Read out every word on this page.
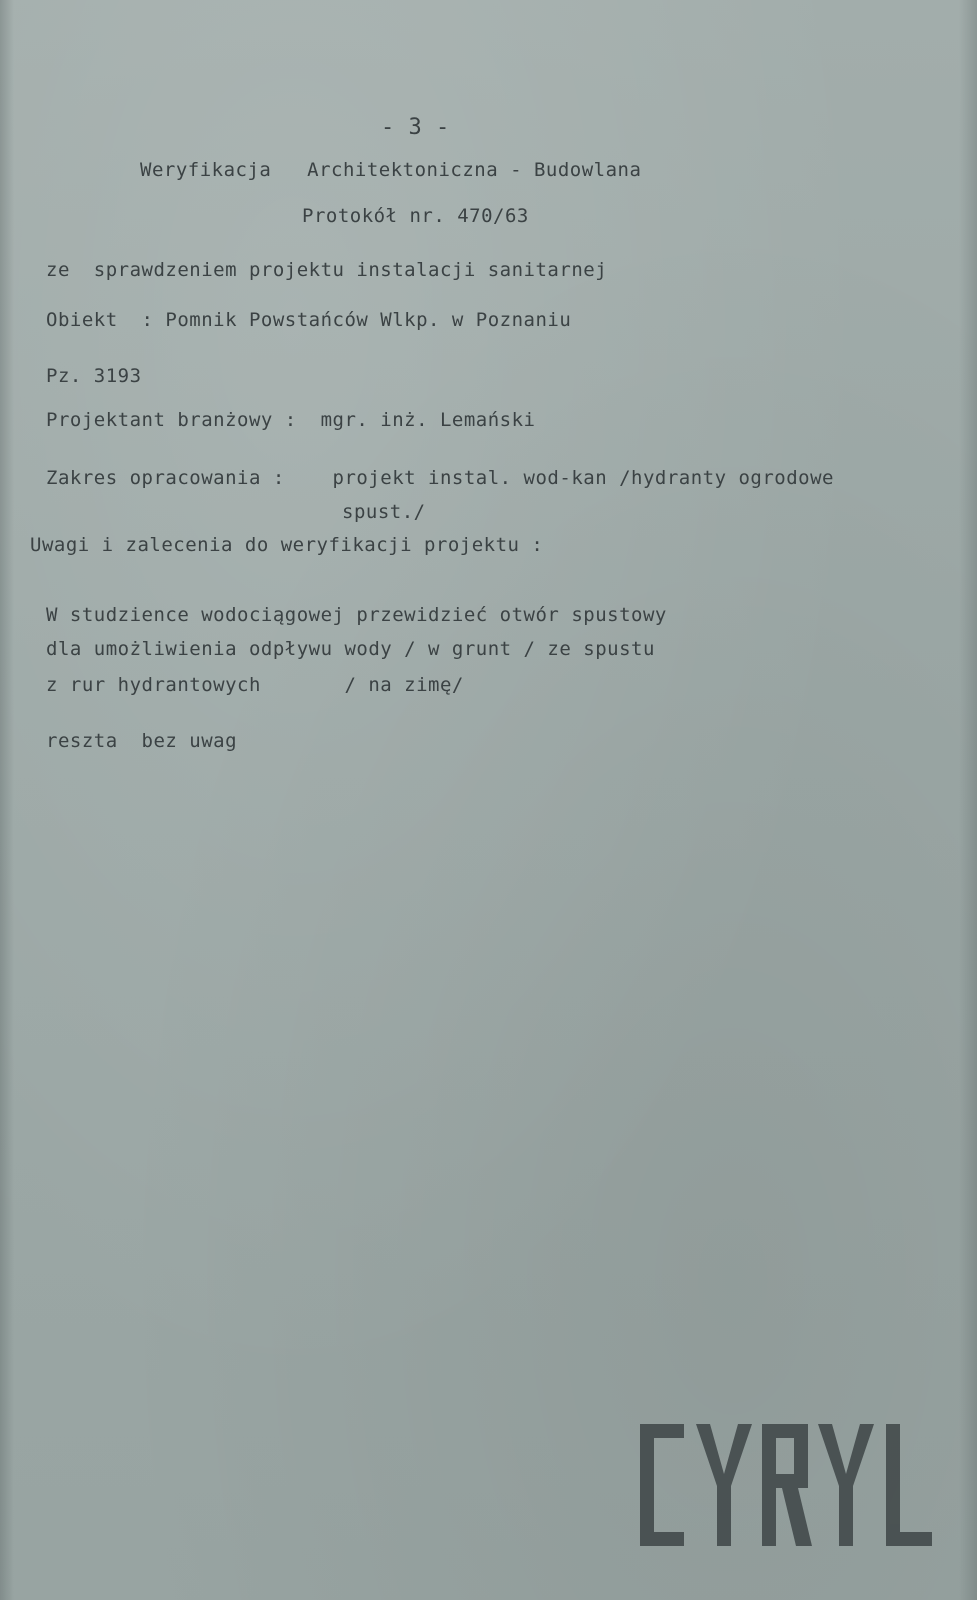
- 3 -
Weryfikacja   Architektoniczna - Budowlana
Protokół nr. 470/63
ze  sprawdzeniem projektu instalacji sanitarnej
Obiekt  : Pomnik Powstańców Wlkp. w Poznaniu
Pz. 3193
Projektant branżowy :  mgr. inż. Lemański
Zakres opracowania :    projekt instal. wod-kan /hydranty ogrodowe
spust./
Uwagi i zalecenia do weryfikacji projektu :
W studzience wodociągowej przewidzieć otwór spustowy
dla umożliwienia odpływu wody / w grunt / ze spustu
z rur hydrantowych       / na zimę/
reszta  bez uwag
